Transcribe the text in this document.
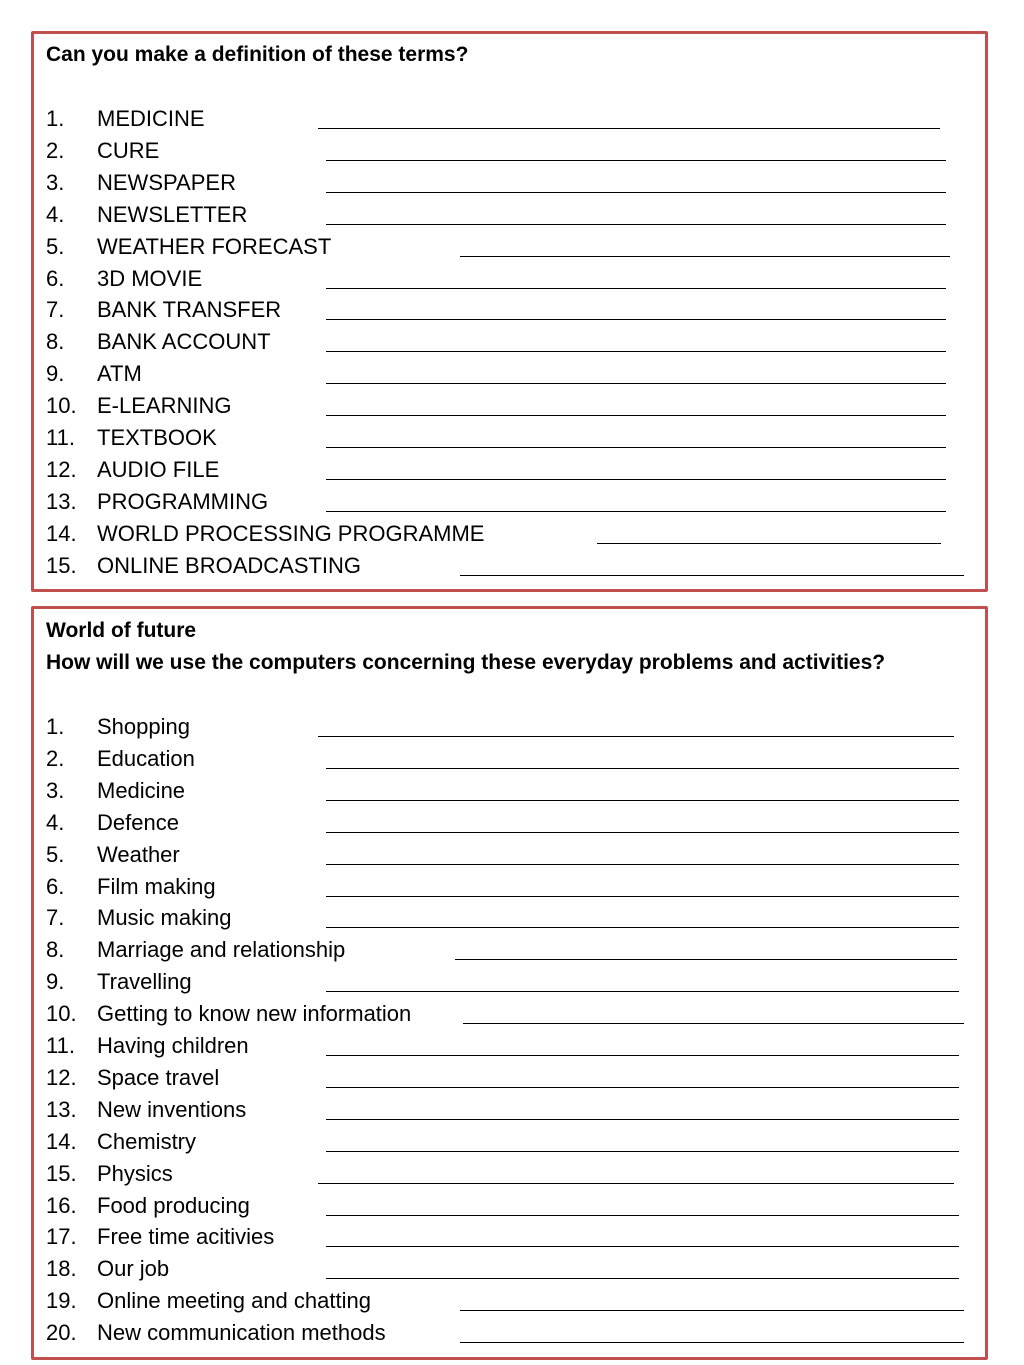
Can you make a definition of these terms?
1. MEDICINE
2. CURE
3. NEWSPAPER
4. NEWSLETTER
5. WEATHER FORECAST
6. 3D MOVIE
7. BANK TRANSFER
8. BANK ACCOUNT
9. ATM
10. E-LEARNING
11. TEXTBOOK
12. AUDIO FILE
13. PROGRAMMING
14. WORLD PROCESSING PROGRAMME
15. ONLINE BROADCASTING
World of future
How will we use the computers concerning these everyday problems and activities?
1. Shopping
2. Education
3. Medicine
4. Defence
5. Weather
6. Film making
7. Music making
8. Marriage and relationship
9. Travelling
10. Getting to know new information
11. Having children
12. Space travel
13. New inventions
14. Chemistry
15. Physics
16. Food producing
17. Free time acitivies
18. Our job
19. Online meeting and chatting
20. New communication methods
